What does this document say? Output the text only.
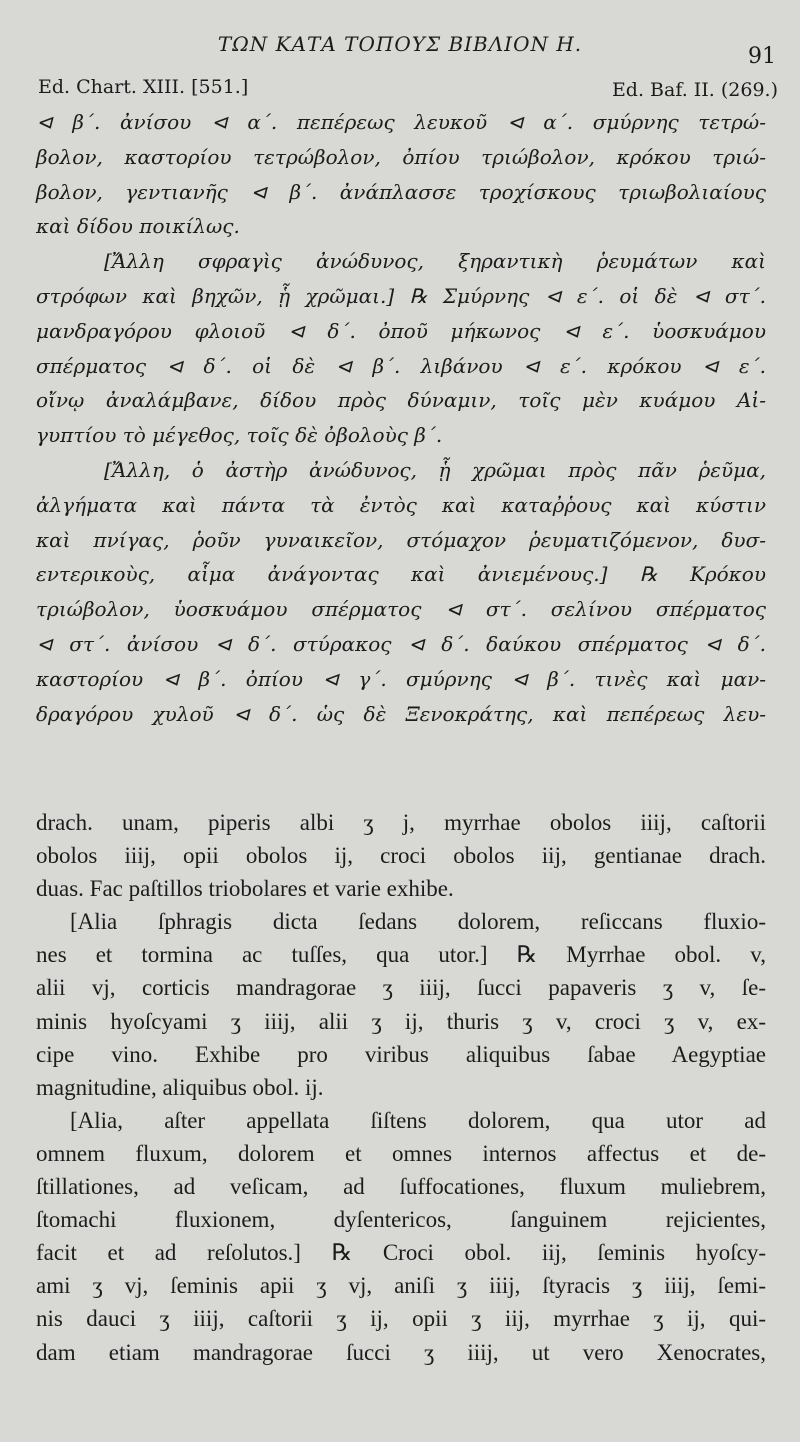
ΤΩΝ ΚΑΤΑ ΤΟΠΟΥΣ ΒΙΒΛΙΟΝ Η.	91
Ed. Chart. XIII. [551.]	Ed. Baf. II. (269.)
⊲ β΄. ἀνίσου ⊲ α΄. πεπέρεως λευκοῦ ⊲ α΄. σμύρνης τετρώ-
βολον, καστορίου τετρώβολον, ὀπίου τριώβολον, κρόκου τριώ-
βολον, γεντιανῆς ⊲ β΄. ἀνάπλασσε τροχίσκους τριωβολιαίους
καὶ δίδου ποικίλως.
[Ἄλλη σφραγὶς ἀνώδυνος, ξηραντικὴ ῥευμάτων καὶ
στρόφων καὶ βηχῶν, ᾗ χρῶμαι.] ℞ Σμύρνης ⊲ ε΄. οἱ δὲ ⊲ στ΄.
μανδραγόρου φλοιοῦ ⊲ δ΄. ὀποῦ μήκωνος ⊲ ε΄. ὑοσκυάμου
σπέρματος ⊲ δ΄. οἱ δὲ ⊲ β΄. λιβάνου ⊲ ε΄. κρόκου ⊲ ε΄.
οἴνῳ ἀναλάμβανε, δίδου πρὸς δύναμιν, τοῖς μὲν κυάμου Αἰ-
γυπτίου τὸ μέγεθος, τοῖς δὲ ὀβολοὺς β΄.
[Ἄλλη, ὁ ἀστὴρ ἀνώδυνος, ᾗ χρῶμαι πρὸς πᾶν ῥεῦμα,
ἀλγήματα καὶ πάντα τὰ ἐντὸς καὶ καταῤῥους καὶ κύστιν
καὶ πνίγας, ῥοῦν γυναικεῖον, στόμαχον ῥευματιζόμενον, δυσ-
εντερικοὺς, αἷμα ἀνάγοντας καὶ ἀνιεμένους.] ℞ Κρόκου
τριώβολον, ὑοσκυάμου σπέρματος ⊲ στ΄. σελίνου σπέρματος
⊲ στ΄. ἀνίσου ⊲ δ΄. στύρακος ⊲ δ΄. δαύκου σπέρματος ⊲ δ΄.
καστορίου ⊲ β΄. ὀπίου ⊲ γ΄. σμύρνης ⊲ β΄. τινὲς καὶ μαν-
δραγόρου χυλοῦ ⊲ δ΄. ὡς δὲ Ξενοκράτης, καὶ πεπέρεως λευ-
drach. unam, piperis albi ʒ j, myrrhae obolos iiij, caſtorii
obolos iiij, opii obolos ij, croci obolos iij, gentianae drach.
duas. Fac paſtillos triobolares et varie exhibe.
[Alia ſphragis dicta ſedans dolorem, reſiccans fluxio-
nes et tormina ac tuſſes, qua utor.] ℞ Myrrhae obol. v,
alii vj, corticis mandragorae ʒ iiij, ſucci papaveris ʒ v, ſe-
minis hyoſcyami ʒ iiij, alii ʒ ij, thuris ʒ v, croci ʒ v, ex-
cipe vino. Exhibe pro viribus aliquibus ſabae Aegyptiae
magnitudine, aliquibus obol. ij.
[Alia, aſter appellata ſiſtens dolorem, qua utor ad
omnem fluxum, dolorem et omnes internos affectus et de-
ſtillationes, ad veſicam, ad ſuffocationes, fluxum muliebrem,
ſtomachi fluxionem, dyſentericos, ſanguinem rejicientes,
facit et ad reſolutos.] ℞ Croci obol. iij, ſeminis hyoſcy-
ami ʒ vj, ſeminis apii ʒ vj, aniſi ʒ iiij, ſtyracis ʒ iiij, ſemi-
nis dauci ʒ iiij, caſtorii ʒ ij, opii ʒ iij, myrrhae ʒ ij, qui-
dam etiam mandragorae ſucci ʒ iiij, ut vero Xenocrates,
